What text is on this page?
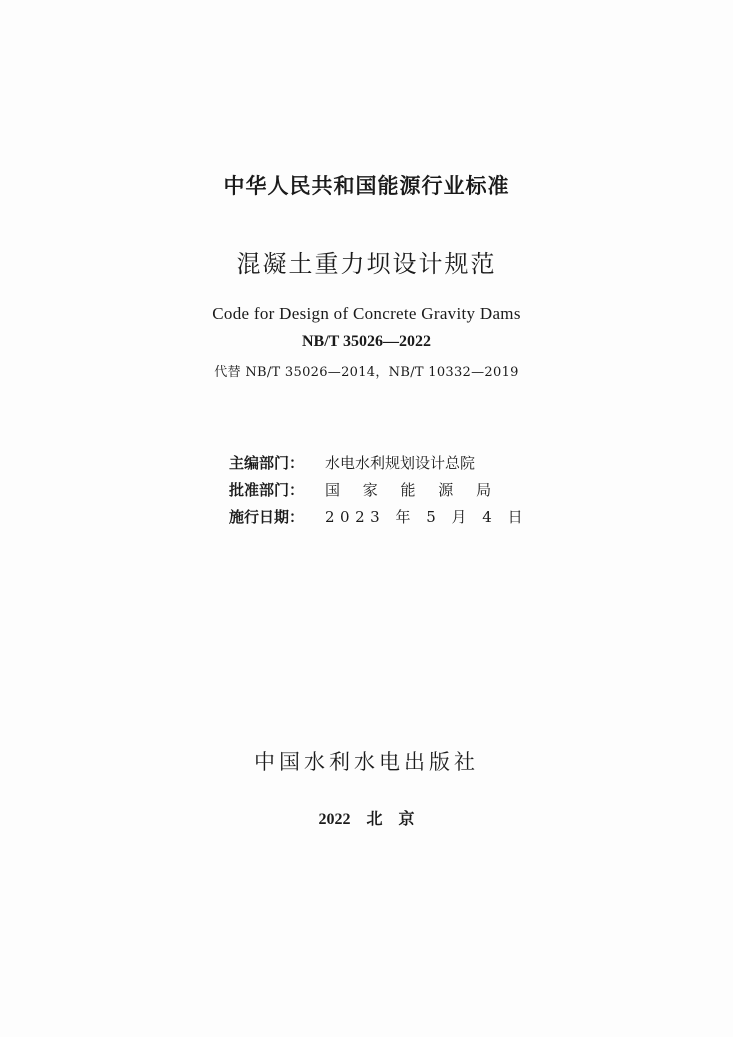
中华人民共和国能源行业标准
混凝土重力坝设计规范
Code for Design of Concrete Gravity Dams
NB/T 35026—2022
代替 NB/T 35026—2014，NB/T 10332—2019
主编部门： 水电水利规划设计总院
批准部门： 国 家 能 源 局
施行日期： 2023 年 5 月 4 日
中国水利水电出版社
2022  北  京
